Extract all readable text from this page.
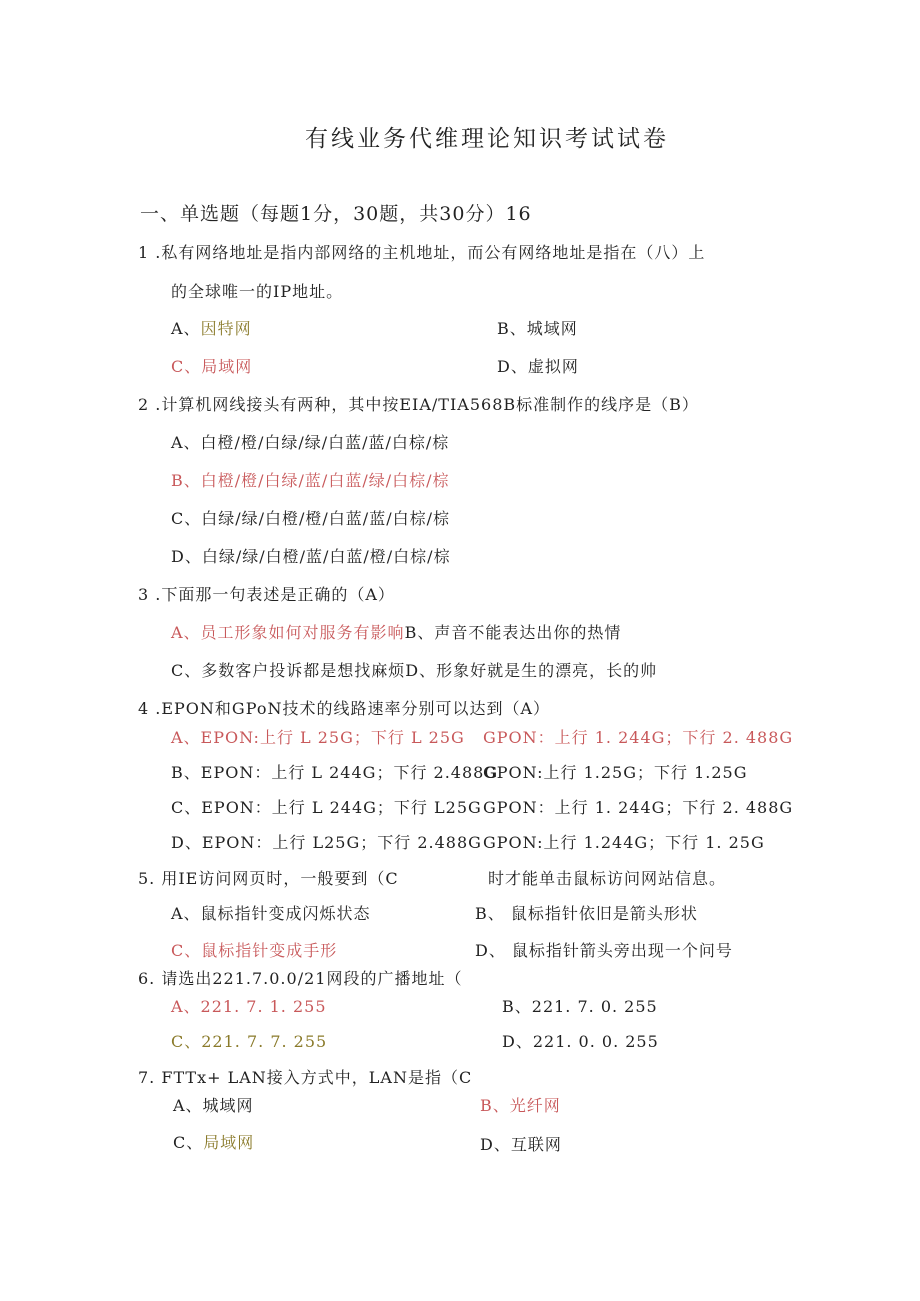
有线业务代维理论知识考试试卷
一、单选题（每题1分，30题，共30分）16
1 .私有网络地址是指内部网络的主机地址，而公有网络地址是指在（八）上
的全球唯一的IP地址。
A、因特网	B、城域网
C、局域网	D、虚拟网
2 .计算机网线接头有两种，其中按EIA/TIA568B标准制作的线序是（B）
A、白橙/橙/白绿/绿/白蓝/蓝/白棕/棕
B、白橙/橙/白绿/蓝/白蓝/绿/白棕/棕
C、白绿/绿/白橙/橙/白蓝/蓝/白棕/棕
D、白绿/绿/白橙/蓝/白蓝/橙/白棕/棕
3 .下面那一句表述是正确的（A）
A、员工形象如何对服务有影响B、声音不能表达出你的热情
C、多数客户投诉都是想找麻烦D、形象好就是生的漂亮，长的帅
4 .EPON和GPoN技术的线路速率分别可以达到（A）
A、EPON:上行 L 25G；下行 L 25G GPON：上行 1. 244G；下行 2. 488G
B、EPON：上行 L 244G；下行 2.488G
GPON:上行 1.25G；下行 1.25G
C、EPON：上行 L 244G；下行 L25G GPON：上行 1. 244G；下行 2. 488G
D、EPON：上行 L25G；下行 2.488G GPON:上行 1.244G；下行 1. 25G
5. 用IE访问网页时，一般要到（C	时才能单击鼠标访问网站信息。
A、鼠标指针变成闪烁状态	B、 鼠标指针依旧是箭头形状
C、鼠标指针变成手形	D、 鼠标指针箭头旁出现一个问号
6. 请选出221.7.0.0/21网段的广播地址（
A、221. 7. 1. 255	B、221. 7. 0. 255
C、221. 7. 7. 255	D、221. 0. 0. 255
7. FTTx+ LAN接入方式中，LAN是指（C
A、城域网	B、光纤网
C、局域网	D、互联网
